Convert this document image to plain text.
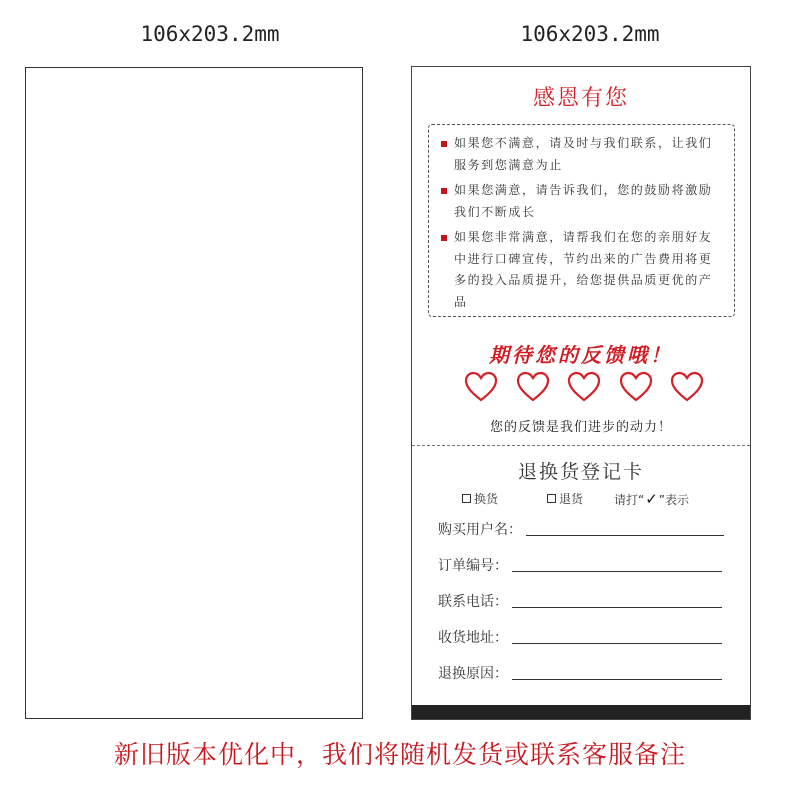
106x203.2mm	106x203.2mm
感恩有您
如果您不满意，请及时与我们联系，让我们服务到您满意为止
如果您满意，请告诉我们，您的鼓励将激励我们不断成长
如果您非常满意，请帮我们在您的亲朋好友中进行口碑宣传，节约出来的广告费用将更多的投入品质提升，给您提供品质更优的产品
期待您的反馈哦！
您的反馈是我们进步的动力！
退换货登记卡
换货	退货	请打“ ✓ ”表示
购买用户名：
订单编号：
联系电话：
收货地址：
退换原因：
新旧版本优化中，我们将随机发货或联系客服备注
